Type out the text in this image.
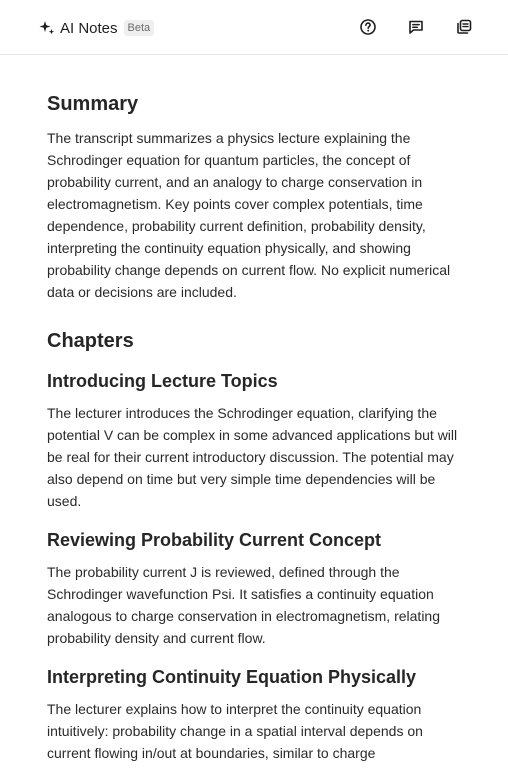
AI Notes Beta
Summary

The transcript summarizes a physics lecture explaining the Schrodinger equation for quantum particles, the concept of probability current, and an analogy to charge conservation in electromagnetism. Key points cover complex potentials, time dependence, probability current definition, probability density, interpreting the continuity equation physically, and showing probability change depends on current flow. No explicit numerical data or decisions are included.

Chapters
Introducing Lecture Topics

The lecturer introduces the Schrodinger equation, clarifying the potential V can be complex in some advanced applications but will be real for their current introductory discussion. The potential may also depend on time but very simple time dependencies will be used.

Reviewing Probability Current Concept

The probability current J is reviewed, defined through the Schrodinger wavefunction Psi. It satisfies a continuity equation analogous to charge conservation in electromagnetism, relating probability density and current flow.

Interpreting Continuity Equation Physically

The lecturer explains how to interpret the continuity equation intuitively: probability change in a spatial interval depends on current flowing in/out at boundaries, similar to charge
